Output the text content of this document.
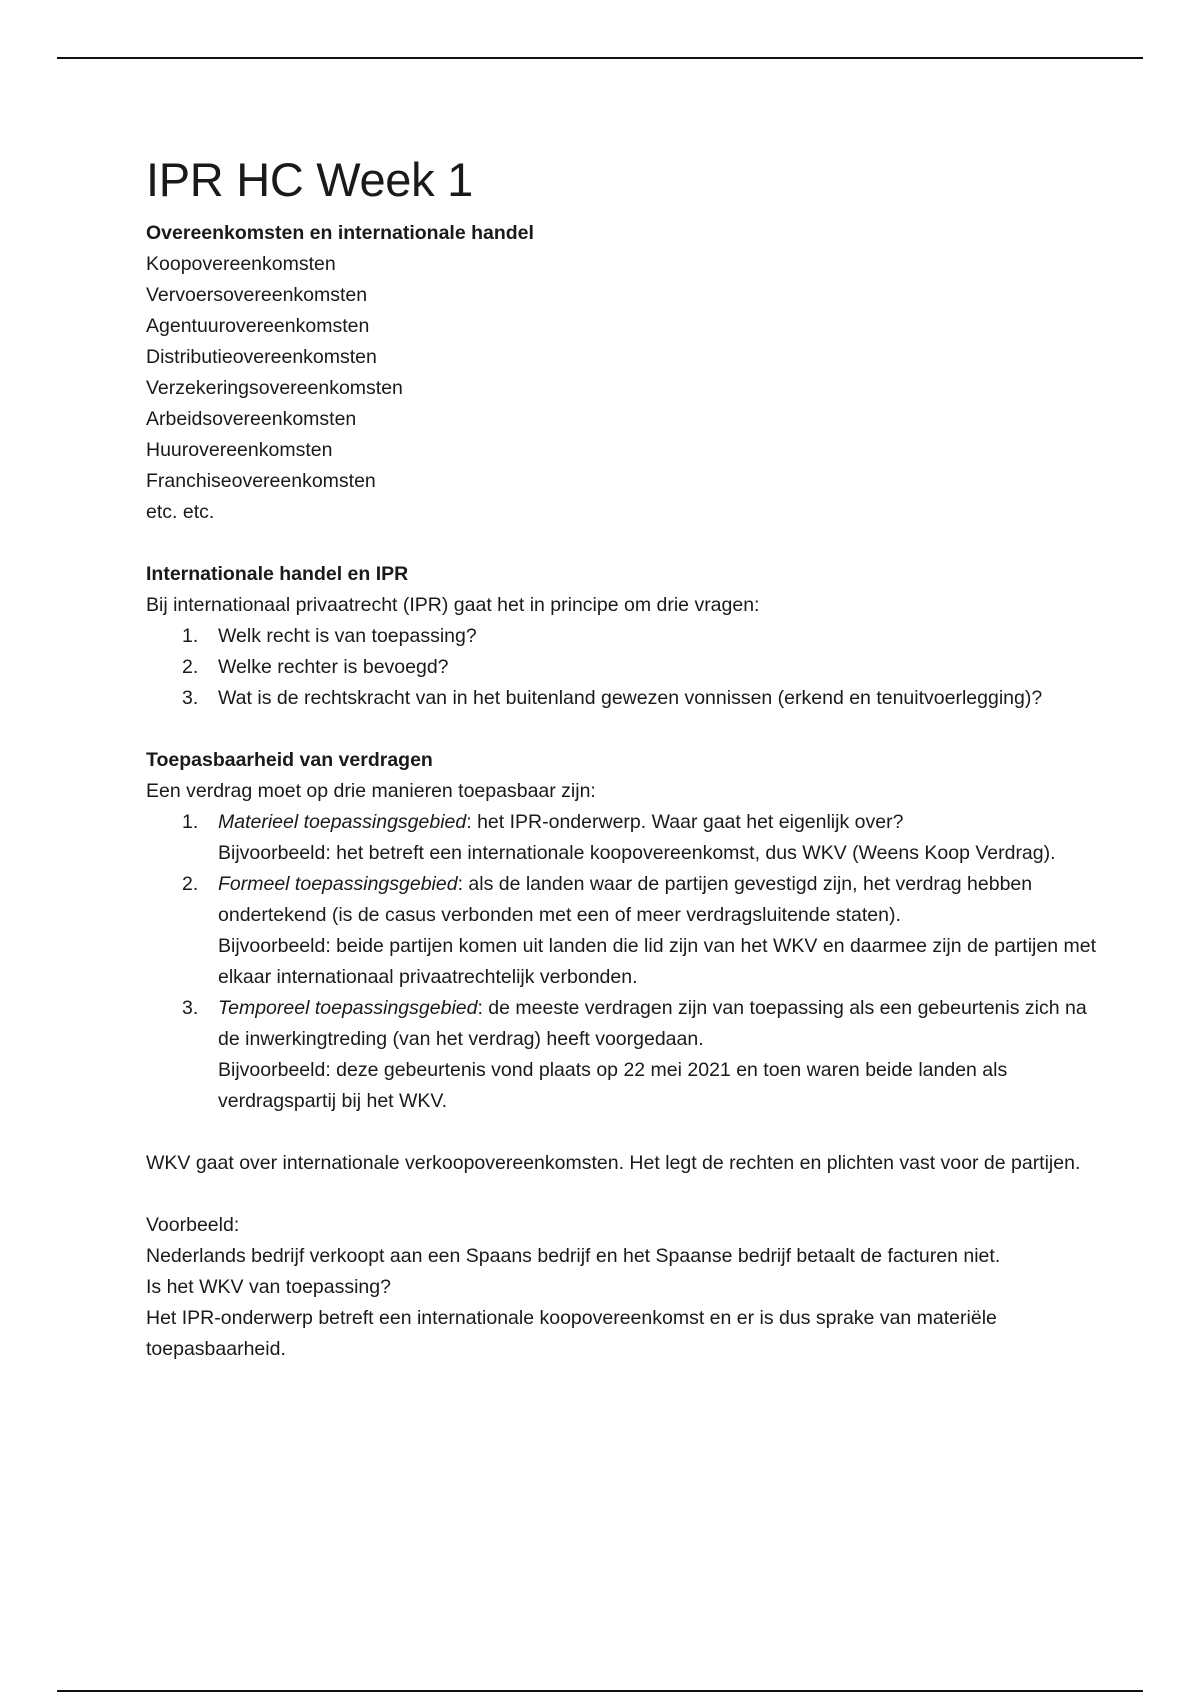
IPR HC Week 1

Overeenkomsten en internationale handel

Koopovereenkomsten

Vervoersovereenkomsten

Agentuurovereenkomsten

Distributieovereenkomsten

Verzekeringsovereenkomsten

Arbeidsovereenkomsten

Huurovereenkomsten

Franchiseovereenkomsten

etc. etc.

Internationale handel en IPR

Bij internationaal privaatrecht (IPR) gaat het in principe om drie vragen:

1. Welk recht is van toepassing?
2. Welke rechter is bevoegd?
3. Wat is de rechtskracht van in het buitenland gewezen vonnissen (erkend en tenuitvoerlegging)?

Toepasbaarheid van verdragen

Een verdrag moet op drie manieren toepasbaar zijn:

1. Materieel toepassingsgebied: het IPR-onderwerp. Waar gaat het eigenlijk over?
Bijvoorbeeld: het betreft een internationale koopovereenkomst, dus WKV (Weens Koop Verdrag).
2. Formeel toepassingsgebied: als de landen waar de partijen gevestigd zijn, het verdrag hebben ondertekend (is de casus verbonden met een of meer verdragsluitende staten).
Bijvoorbeeld: beide partijen komen uit landen die lid zijn van het WKV en daarmee zijn de partijen met elkaar internationaal privaatrechtelijk verbonden.
3. Temporeel toepassingsgebied: de meeste verdragen zijn van toepassing als een gebeurtenis zich na de inwerkingtreding (van het verdrag) heeft voorgedaan.
Bijvoorbeeld: deze gebeurtenis vond plaats op 22 mei 2021 en toen waren beide landen als verdragspartij bij het WKV.

WKV gaat over internationale verkoopovereenkomsten. Het legt de rechten en plichten vast voor de partijen.

Voorbeeld:

Nederlands bedrijf verkoopt aan een Spaans bedrijf en het Spaanse bedrijf betaalt de facturen niet.

Is het WKV van toepassing?

Het IPR-onderwerp betreft een internationale koopovereenkomst en er is dus sprake van materiële toepasbaarheid.
